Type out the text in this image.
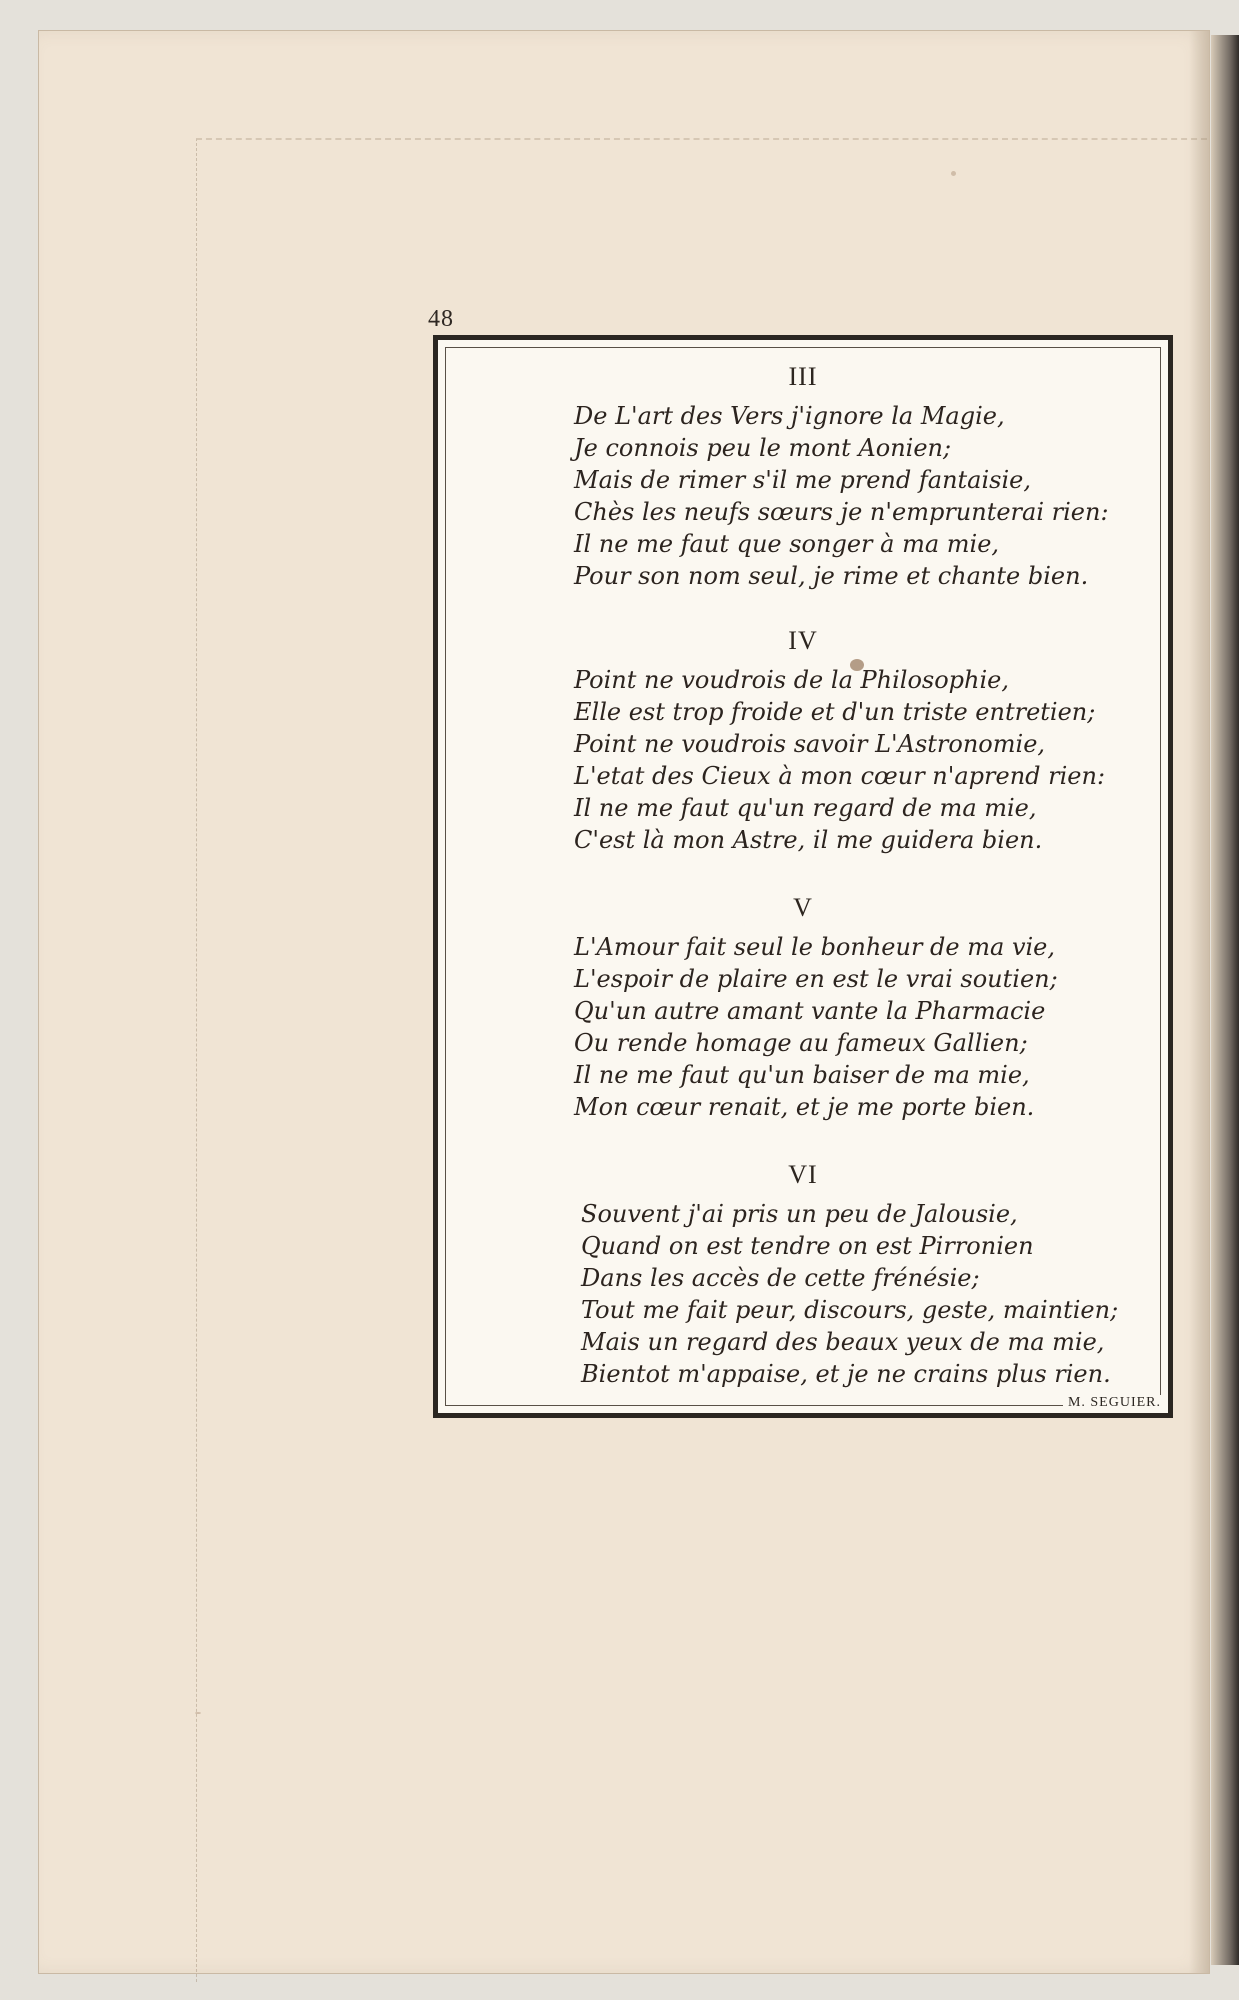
48
III
De L'art des Vers j'ignore la Magie,
Je connois peu le mont Aonien;
Mais de rimer s'il me prend fantaisie,
Chès les neufs sœurs je n'emprunterai rien:
Il ne me faut que songer à ma mie,
Pour son nom seul, je rime et chante bien.
IV
Point ne voudrois de la Philosophie,
Elle est trop froide et d'un triste entretien;
Point ne voudrois savoir L'Astronomie,
L'etat des Cieux à mon cœur n'aprend rien:
Il ne me faut qu'un regard de ma mie,
C'est là mon Astre, il me guidera bien.
V
L'Amour fait seul le bonheur de ma vie,
L'espoir de plaire en est le vrai soutien;
Qu'un autre amant vante la Pharmacie
Ou rende homage au fameux Gallien;
Il ne me faut qu'un baiser de ma mie,
Mon cœur renait, et je me porte bien.
VI
Souvent j'ai pris un peu de Jalousie,
Quand on est tendre on est Pirronien
Dans les accès de cette frénésie;
Tout me fait peur, discours, geste, maintien;
Mais un regard des beaux yeux de ma mie,
Bientot m'appaise, et je ne crains plus rien.
M. SEGUIER.
